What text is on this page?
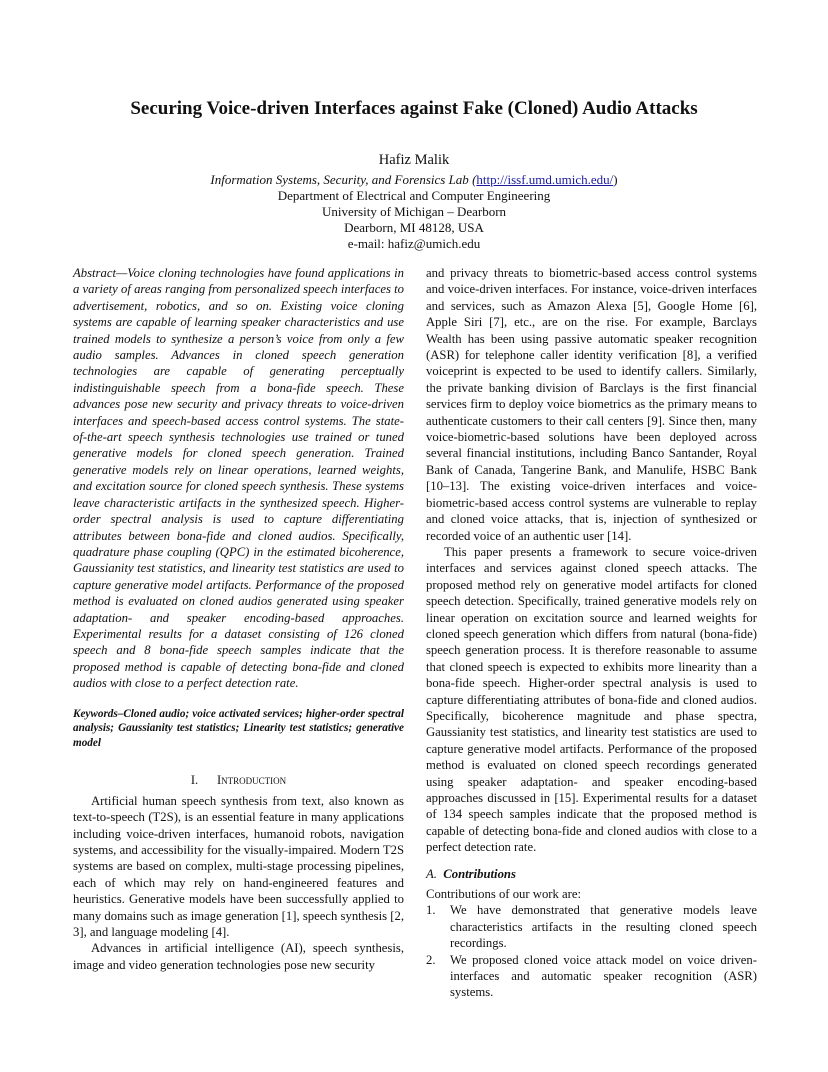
Securing Voice-driven Interfaces against Fake (Cloned) Audio Attacks
Hafiz Malik
Information Systems, Security, and Forensics Lab (http://issf.umd.umich.edu/)
Department of Electrical and Computer Engineering
University of Michigan – Dearborn
Dearborn, MI 48128, USA
e-mail: hafiz@umich.edu

Abstract—Voice cloning technologies have found applications in a variety of areas ranging from personalized speech interfaces to advertisement, robotics, and so on. Existing voice cloning systems are capable of learning speaker characteristics and use trained models to synthesize a person’s voice from only a few audio samples. Advances in cloned speech generation technologies are capable of generating perceptually indistinguishable speech from a bona-fide speech. These advances pose new security and privacy threats to voice-driven interfaces and speech-based access control systems. The state-of-the-art speech synthesis technologies use trained or tuned generative models for cloned speech generation. Trained generative models rely on linear operations, learned weights, and excitation source for cloned speech synthesis. These systems leave characteristic artifacts in the synthesized speech. Higher-order spectral analysis is used to capture differentiating attributes between bona-fide and cloned audios. Specifically, quadrature phase coupling (QPC) in the estimated bicoherence, Gaussianity test statistics, and linearity test statistics are used to capture generative model artifacts. Performance of the proposed method is evaluated on cloned audios generated using speaker adaptation- and speaker encoding-based approaches. Experimental results for a dataset consisting of 126 cloned speech and 8 bona-fide speech samples indicate that the proposed method is capable of detecting bona-fide and cloned audios with close to a perfect detection rate.

Keywords–Cloned audio; voice activated services; higher-order spectral analysis; Gaussianity test statistics; Linearity test statistics; generative model

I. Introduction

Artificial human speech synthesis from text, also known as text-to-speech (T2S), is an essential feature in many applications including voice-driven interfaces, humanoid robots, navigation systems, and accessibility for the visually-impaired. Modern T2S systems are based on complex, multi-stage processing pipelines, each of which may rely on hand-engineered features and heuristics. Generative models have been successfully applied to many domains such as image generation [1], speech synthesis [2, 3], and language modeling [4].

Advances in artificial intelligence (AI), speech synthesis, image and video generation technologies pose new security

and privacy threats to biometric-based access control systems and voice-driven interfaces. For instance, voice-driven interfaces and services, such as Amazon Alexa [5], Google Home [6], Apple Siri [7], etc., are on the rise. For example, Barclays Wealth has been using passive automatic speaker recognition (ASR) for telephone caller identity verification [8], a verified voiceprint is expected to be used to identify callers. Similarly, the private banking division of Barclays is the first financial services firm to deploy voice biometrics as the primary means to authenticate customers to their call centers [9]. Since then, many voice-biometric-based solutions have been deployed across several financial institutions, including Banco Santander, Royal Bank of Canada, Tangerine Bank, and Manulife, HSBC Bank [10–13]. The existing voice-driven interfaces and voice-biometric-based access control systems are vulnerable to replay and cloned voice attacks, that is, injection of synthesized or recorded voice of an authentic user [14].

This paper presents a framework to secure voice-driven interfaces and services against cloned speech attacks. The proposed method rely on generative model artifacts for cloned speech detection. Specifically, trained generative models rely on linear operation on excitation source and learned weights for cloned speech generation which differs from natural (bona-fide) speech generation process. It is therefore reasonable to assume that cloned speech is expected to exhibits more linearity than a bona-fide speech. Higher-order spectral analysis is used to capture differentiating attributes of bona-fide and cloned audios. Specifically, bicoherence magnitude and phase spectra, Gaussianity test statistics, and linearity test statistics are used to capture generative model artifacts. Performance of the proposed method is evaluated on cloned speech recordings generated using speaker adaptation- and speaker encoding-based approaches discussed in [15]. Experimental results for a dataset of 134 speech samples indicate that the proposed method is capable of detecting bona-fide and cloned audios with close to a perfect detection rate.

A. Contributions

Contributions of our work are:

1. We have demonstrated that generative models leave characteristics artifacts in the resulting cloned speech recordings.
2. We proposed cloned voice attack model on voice driven-interfaces and automatic speaker recognition (ASR) systems.
